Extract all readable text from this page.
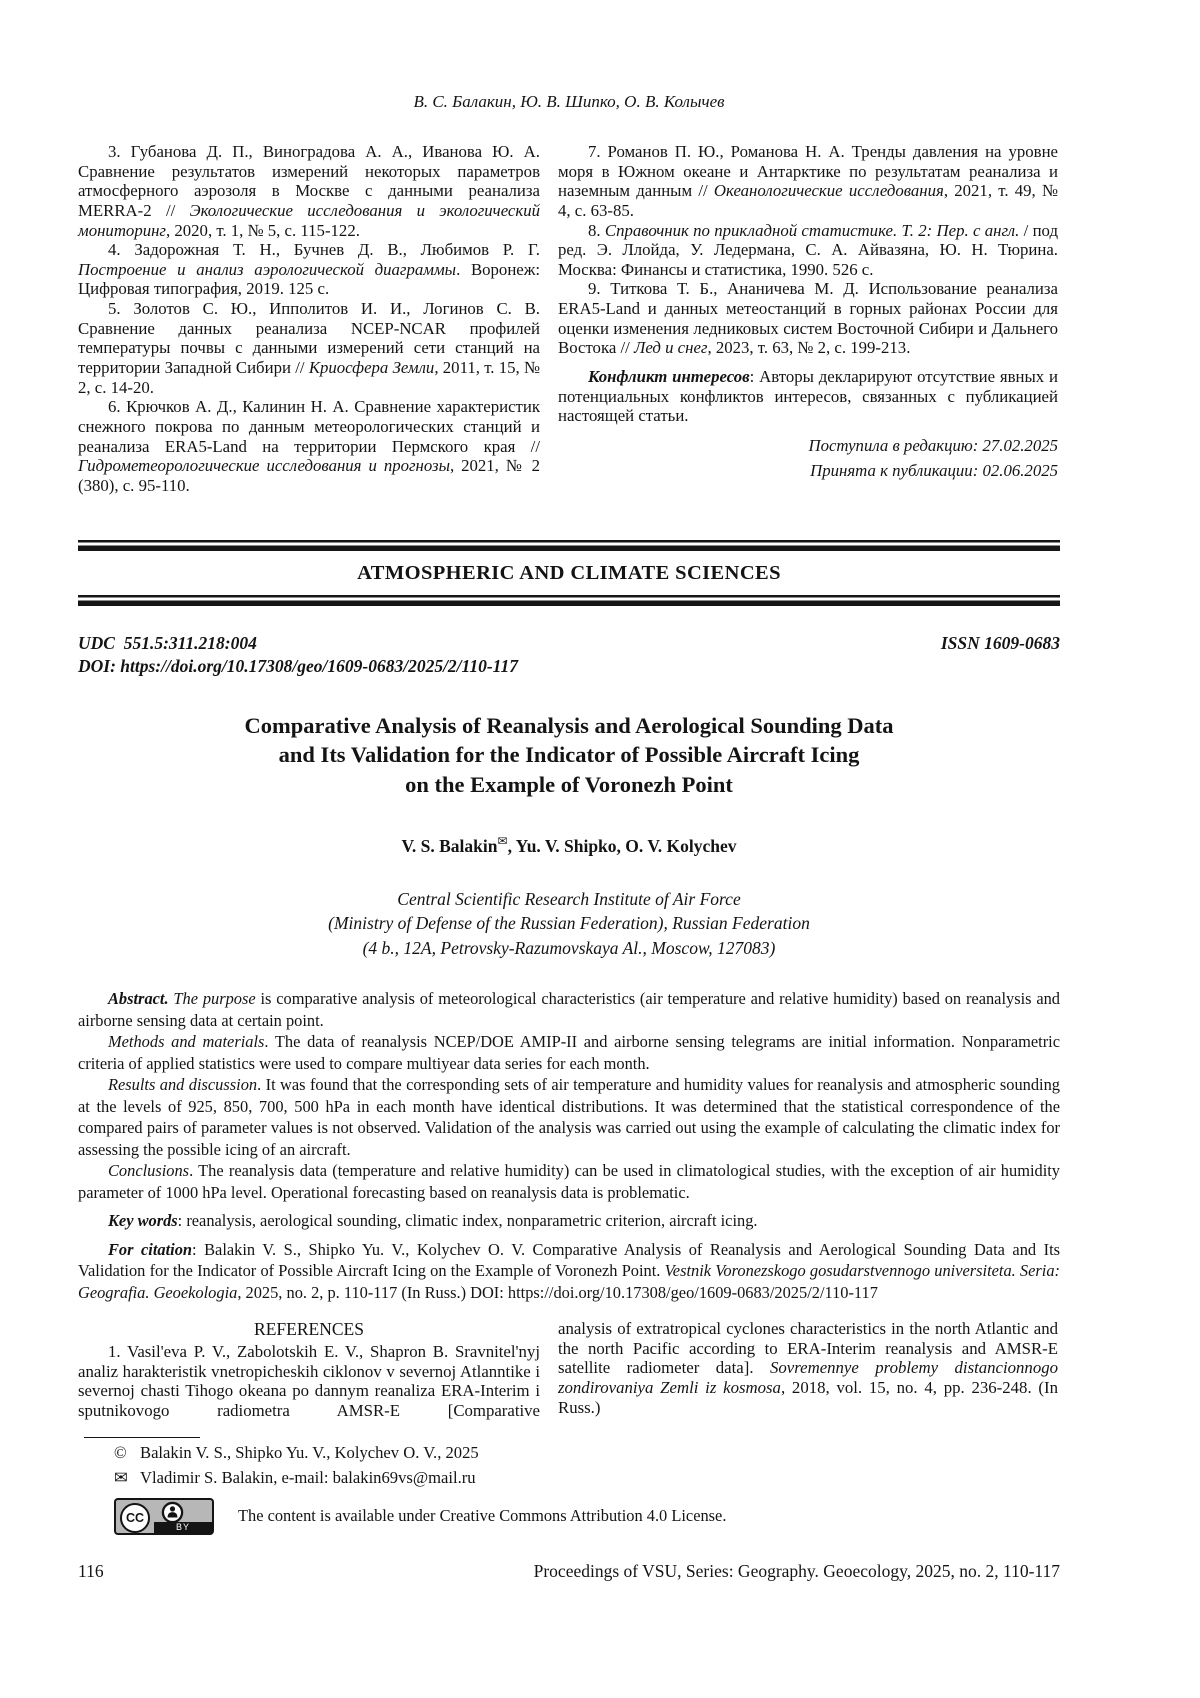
В. С. Балакин, Ю. В. Шипко, О. В. Колычев

3. Губанова Д. П., Виноградова А. А., Иванова Ю. А. Сравнение результатов измерений некоторых параметров атмосферного аэрозоля в Москве с данными реанализа MERRA-2 // Экологические исследования и экологический мониторинг, 2020, т. 1, № 5, с. 115-122.

4. Задорожная Т. Н., Бучнев Д. В., Любимов Р. Г. Построение и анализ аэрологической диаграммы. Воронеж: Цифровая типография, 2019. 125 с.

5. Золотов С. Ю., Ипполитов И. И., Логинов С. В. Сравнение данных реанализа NCEP-NCAR профилей температуры почвы с данными измерений сети станций на территории Западной Сибири // Криосфера Земли, 2011, т. 15, № 2, с. 14-20.

6. Крючков А. Д., Калинин Н. А. Сравнение характеристик снежного покрова по данным метеорологических станций и реанализа ERA5-Land на территории Пермского края // Гидрометеорологические исследования и прогнозы, 2021, № 2 (380), с. 95-110.

7. Романов П. Ю., Романова Н. А. Тренды давления на уровне моря в Южном океане и Антарктике по результатам реанализа и наземным данным // Океанологические исследования, 2021, т. 49, № 4, с. 63-85.

8. Справочник по прикладной статистике. Т. 2: Пер. с англ. / под ред. Э. Ллойда, У. Ледермана, С. А. Айвазяна, Ю. Н. Тюрина. Москва: Финансы и статистика, 1990. 526 с.

9. Титкова Т. Б., Ананичева М. Д. Использование реанализа ERA5-Land и данных метеостанций в горных районах России для оценки изменения ледниковых систем Восточной Сибири и Дальнего Востока // Лед и снег, 2023, т. 63, № 2, с. 199-213.

Конфликт интересов: Авторы декларируют отсутствие явных и потенциальных конфликтов интересов, связанных с публикацией настоящей статьи.

Поступила в редакцию: 27.02.2025
Принята к публикации: 02.06.2025
ATMOSPHERIC AND CLIMATE SCIENCES
UDC  551.5:311.218:004	ISSN 1609-0683
DOI: https://doi.org/10.17308/geo/1609-0683/2025/2/110-117
Comparative Analysis of Reanalysis and Aerological Sounding Data
and Its Validation for the Indicator of Possible Aircraft Icing
on the Example of Voronezh Point
V. S. Balakin✉, Yu. V. Shipko, O. V. Kolychev
Central Scientific Research Institute of Air Force
(Ministry of Defense of the Russian Federation), Russian Federation
(4 b., 12A, Petrovsky-Razumovskaya Al., Moscow, 127083)

Abstract. The purpose is comparative analysis of meteorological characteristics (air temperature and relative humidity) based on reanalysis and airborne sensing data at certain point.

Methods and materials. The data of reanalysis NCEP/DOE AMIP-II and airborne sensing telegrams are initial information. Nonparametric criteria of applied statistics were used to compare multiyear data series for each month.

Results and discussion. It was found that the corresponding sets of air temperature and humidity values for reanalysis and atmospheric sounding at the levels of 925, 850, 700, 500 hPa in each month have identical distributions. It was determined that the statistical correspondence of the compared pairs of parameter values is not observed. Validation of the analysis was carried out using the example of calculating the climatic index for assessing the possible icing of an aircraft.

Conclusions. The reanalysis data (temperature and relative humidity) can be used in climatological studies, with the exception of air humidity parameter of 1000 hPa level. Operational forecasting based on reanalysis data is problematic.

Key words: reanalysis, aerological sounding, climatic index, nonparametric criterion, aircraft icing.

For citation: Balakin V. S., Shipko Yu. V., Kolychev O. V. Comparative Analysis of Reanalysis and Aerological Sounding Data and Its Validation for the Indicator of Possible Aircraft Icing on the Example of Voronezh Point. Vestnik Voronezskogo gosudarstvennogo universiteta. Seria: Geografia. Geoekologia, 2025, no. 2, p. 110-117 (In Russ.) DOI: https://doi.org/10.17308/geo/1609-0683/2025/2/110-117

REFERENCES

1. Vasil'eva P. V., Zabolotskih E. V., Shapron B. Sravnitel'nyj analiz harakteristik vnetropicheskih ciklonov v severnoj Atlanntike i severnoj chasti Tihogo okeana po dannym reanaliza ERA-Interim i sputnikovogo radiometra AMSR-E [Comparative

analysis of extratropical cyclones characteristics in the north Atlantic and the north Pacific according to ERA-Interim reanalysis and AMSR-E satellite radiometer data]. Sovremennye problemy distancionnogo zondirovaniya Zemli iz kosmosa, 2018, vol. 15, no. 4, pp. 236-248. (In Russ.)

© Balakin V. S., Shipko Yu. V., Kolychev O. V., 2025
✉ Vladimir S. Balakin, e-mail: balakin69vs@mail.ru
CC
BY
The content is available under Creative Commons Attribution 4.0 License.
116	Proceedings of VSU, Series: Geography. Geoecology, 2025, no. 2, 110-117
